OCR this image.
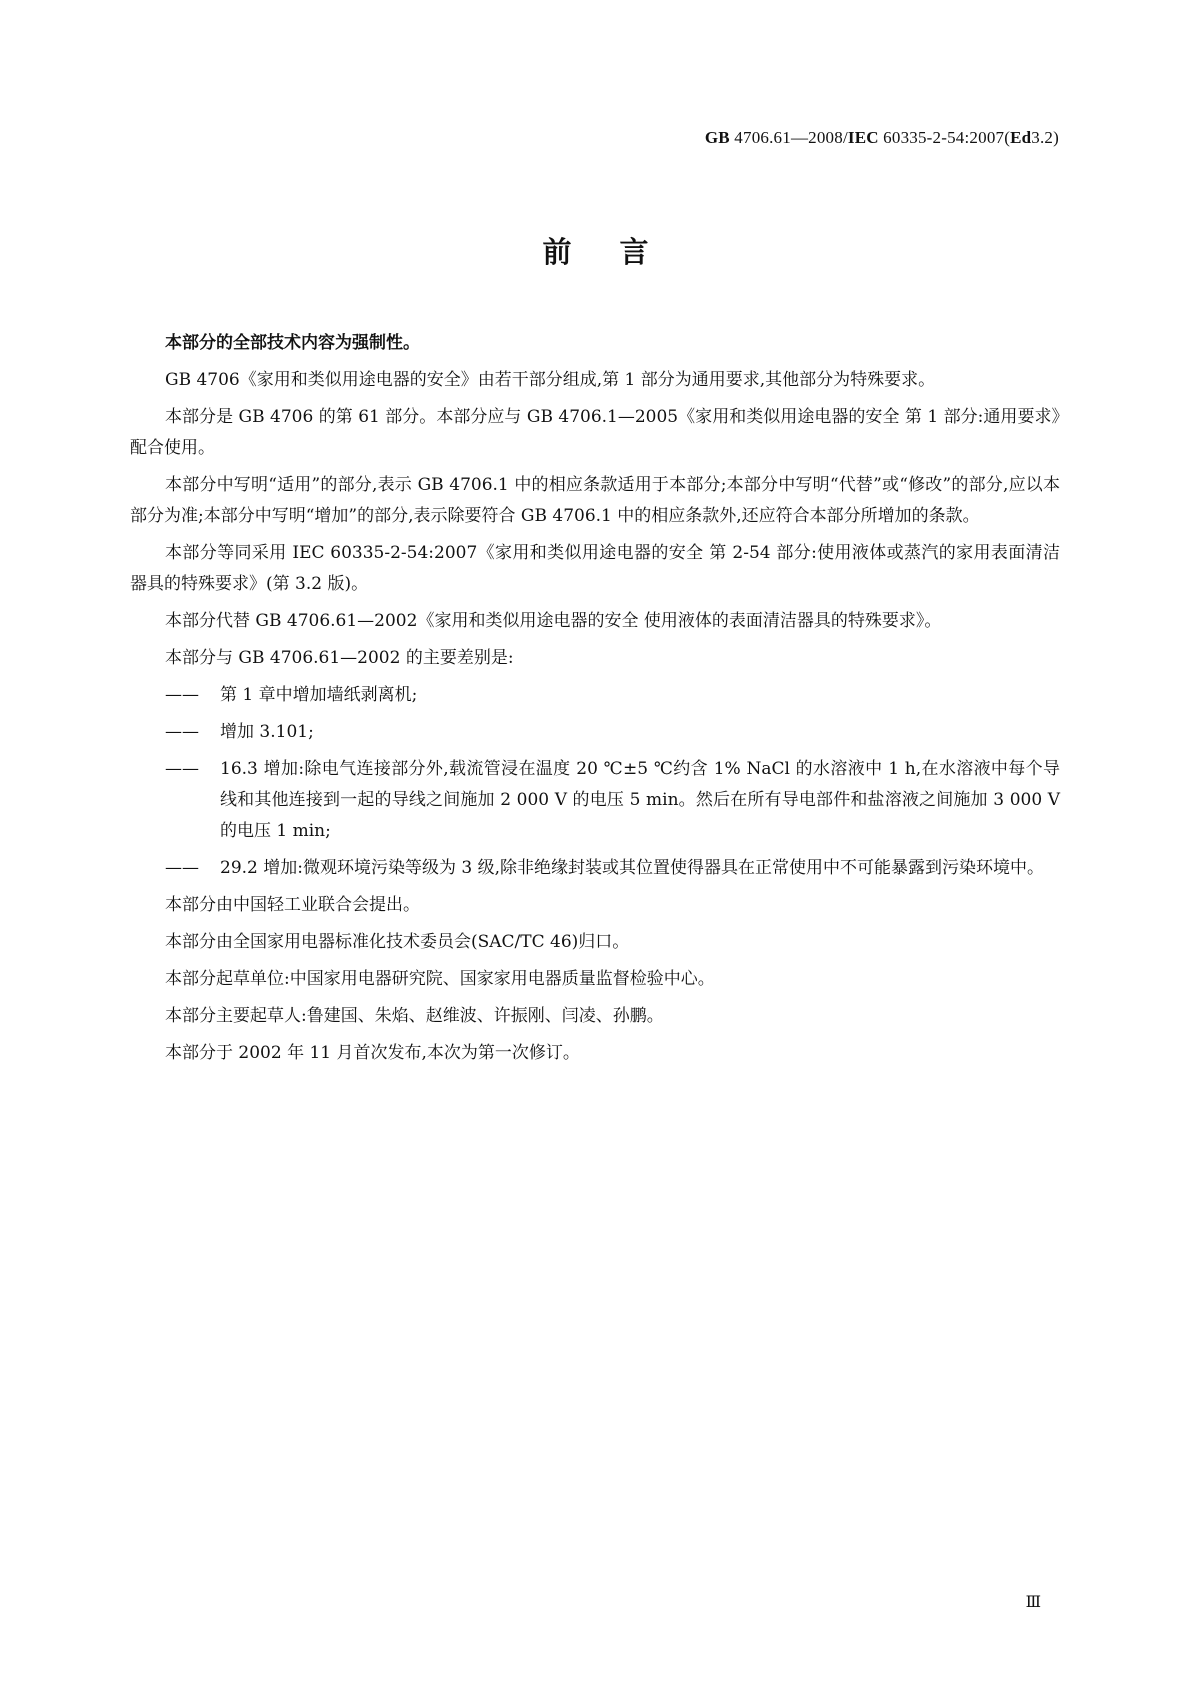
GB 4706.61—2008/IEC 60335-2-54:2007(Ed3.2)
前言

本部分的全部技术内容为强制性。

GB 4706《家用和类似用途电器的安全》由若干部分组成,第 1 部分为通用要求,其他部分为特殊要求。

本部分是 GB 4706 的第 61 部分。本部分应与 GB 4706.1—2005《家用和类似用途电器的安全 第 1 部分:通用要求》配合使用。

本部分中写明“适用”的部分,表示 GB 4706.1 中的相应条款适用于本部分;本部分中写明“代替”或“修改”的部分,应以本部分为准;本部分中写明“增加”的部分,表示除要符合 GB 4706.1 中的相应条款外,还应符合本部分所增加的条款。

本部分等同采用 IEC 60335-2-54:2007《家用和类似用途电器的安全 第 2-54 部分:使用液体或蒸汽的家用表面清洁器具的特殊要求》(第 3.2 版)。

本部分代替 GB 4706.61—2002《家用和类似用途电器的安全 使用液体的表面清洁器具的特殊要求》。

本部分与 GB 4706.61—2002 的主要差别是:

——	第 1 章中增加墙纸剥离机;
——	增加 3.101;
——	16.3 增加:除电气连接部分外,载流管浸在温度 20 ℃±5 ℃约含 1% NaCl 的水溶液中 1 h,在水溶液中每个导线和其他连接到一起的导线之间施加 2 000 V 的电压 5 min。然后在所有导电部件和盐溶液之间施加 3 000 V 的电压 1 min;
——	29.2 增加:微观环境污染等级为 3 级,除非绝缘封装或其位置使得器具在正常使用中不可能暴露到污染环境中。

本部分由中国轻工业联合会提出。

本部分由全国家用电器标准化技术委员会(SAC/TC 46)归口。

本部分起草单位:中国家用电器研究院、国家家用电器质量监督检验中心。

本部分主要起草人:鲁建国、朱焰、赵维波、许振刚、闫凌、孙鹏。

本部分于 2002 年 11 月首次发布,本次为第一次修订。

Ⅲ
